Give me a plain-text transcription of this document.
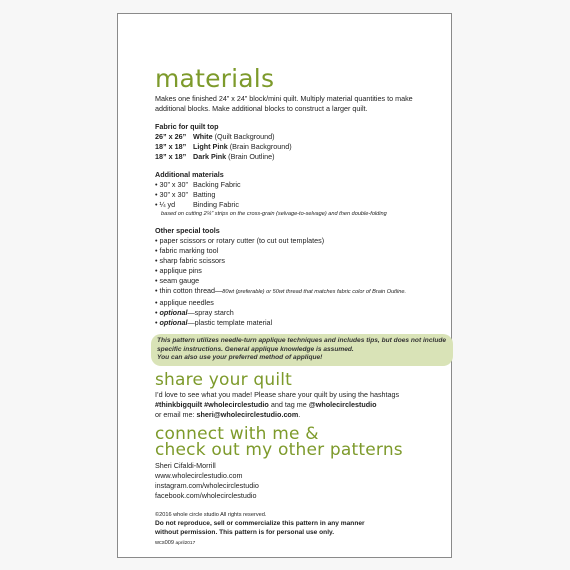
materials

Makes one finished 24” x 24” block/mini quilt. Multiply material quantities to make additional blocks. Make additional blocks to construct a larger quilt.

Fabric for quilt top

26” x 26” White (Quilt Background)
18” x 18” Light Pink (Brain Background)
18” x 18” Dark Pink (Brain Outline)

Additional materials

• 30” x 30” Backing Fabric
• 30” x 30” Batting
• ¼ yd	Binding Fabric
based on cutting 2¼” strips on the cross-grain (selvage-to-selvage) and then double-folding

Other special tools

• paper scissors or rotary cutter (to cut out templates)
• fabric marking tool
• sharp fabric scissors
• applique pins
• seam gauge
• thin cotton thread—80wt (preferable) or 50wt thread that matches fabric color of Brain Outline.
• applique needles
• optional—spray starch
• optional—plastic template material
This pattern utilizes needle-turn applique techniques and includes tips, but does not include specific instructions. General applique knowledge is assumed.
You can also use your preferred method of applique!
share your quilt

I’d love to see what you made! Please share your quilt by using the hashtags #thinkbigquilt #wholecirclestudio and tag me @wholecirclestudio

or email me: sheri@wholecirclestudio.com.

connect with me &
check out my other patterns
Sheri Cifaldi-Morrill
www.wholecirclestudio.com
instagram.com/wholecirclestudio
facebook.com/wholecirclestudio
©2016 whole circle studio All rights reserved.
Do not reproduce, sell or commercialize this pattern in any manner without permission. This pattern is for personal use only.
wcs009 april2017
